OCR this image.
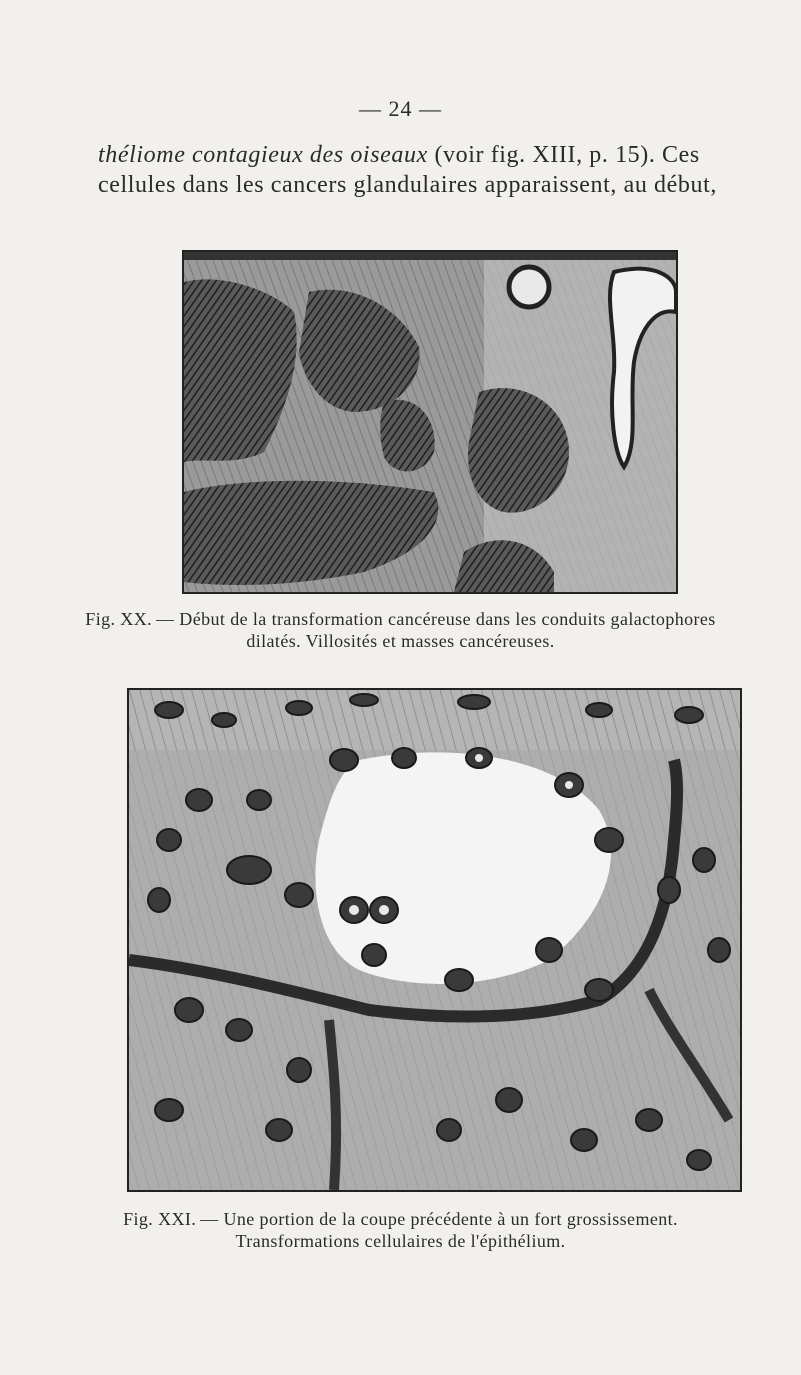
— 24 —
théliome contagieux des oiseaux (voir fig. XIII, p. 15). Ces
cellules dans les cancers glandulaires apparaissent, au début,
Fig. XX. — Début de la transformation cancéreuse dans les conduits galactophores
dilatés. Villosités et masses cancéreuses.
Fig. XXI. — Une portion de la coupe précédente à un fort grossissement.
Transformations cellulaires de l'épithélium.
